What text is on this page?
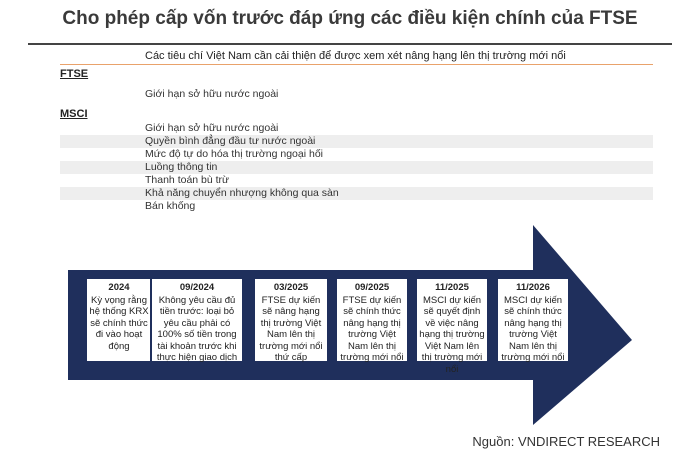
Cho phép cấp vốn trước đáp ứng các điều kiện chính của FTSE
Các tiêu chí Việt Nam cần cải thiện để được xem xét nâng hạng lên thị trường mới nổi
FTSE
Giới hạn sở hữu nước ngoài
MSCI
Giới hạn sở hữu nước ngoài
Quyền bình đẳng đầu tư nước ngoài
Mức độ tự do hóa thị trường ngoại hối
Luồng thông tin
Thanh toán bù trừ
Khả năng chuyển nhượng không qua sàn
Bán khống
2024
Kỳ vọng rằng hệ thống KRX sẽ chính thức đi vào hoạt động
09/2024
Không yêu cầu đủ tiền trước: loại bỏ yêu cầu phải có 100% số tiền trong tài khoản trước khi thực hiện giao dịch
03/2025
FTSE dự kiến sẽ nâng hạng thị trường Việt Nam lên thị trường mới nổi thứ cấp
09/2025
FTSE dự kiến sẽ chính thức nâng hạng thị trường Việt Nam lên thị trường mới nổi
11/2025
MSCI dự kiến sẽ quyết định về việc nâng hạng thị trường Việt Nam lên thị trường mới nổi
11/2026
MSCI dự kiến sẽ chính thức nâng hạng thị trường Việt Nam lên thị trường mới nổi
Nguồn: VNDIRECT RESEARCH
